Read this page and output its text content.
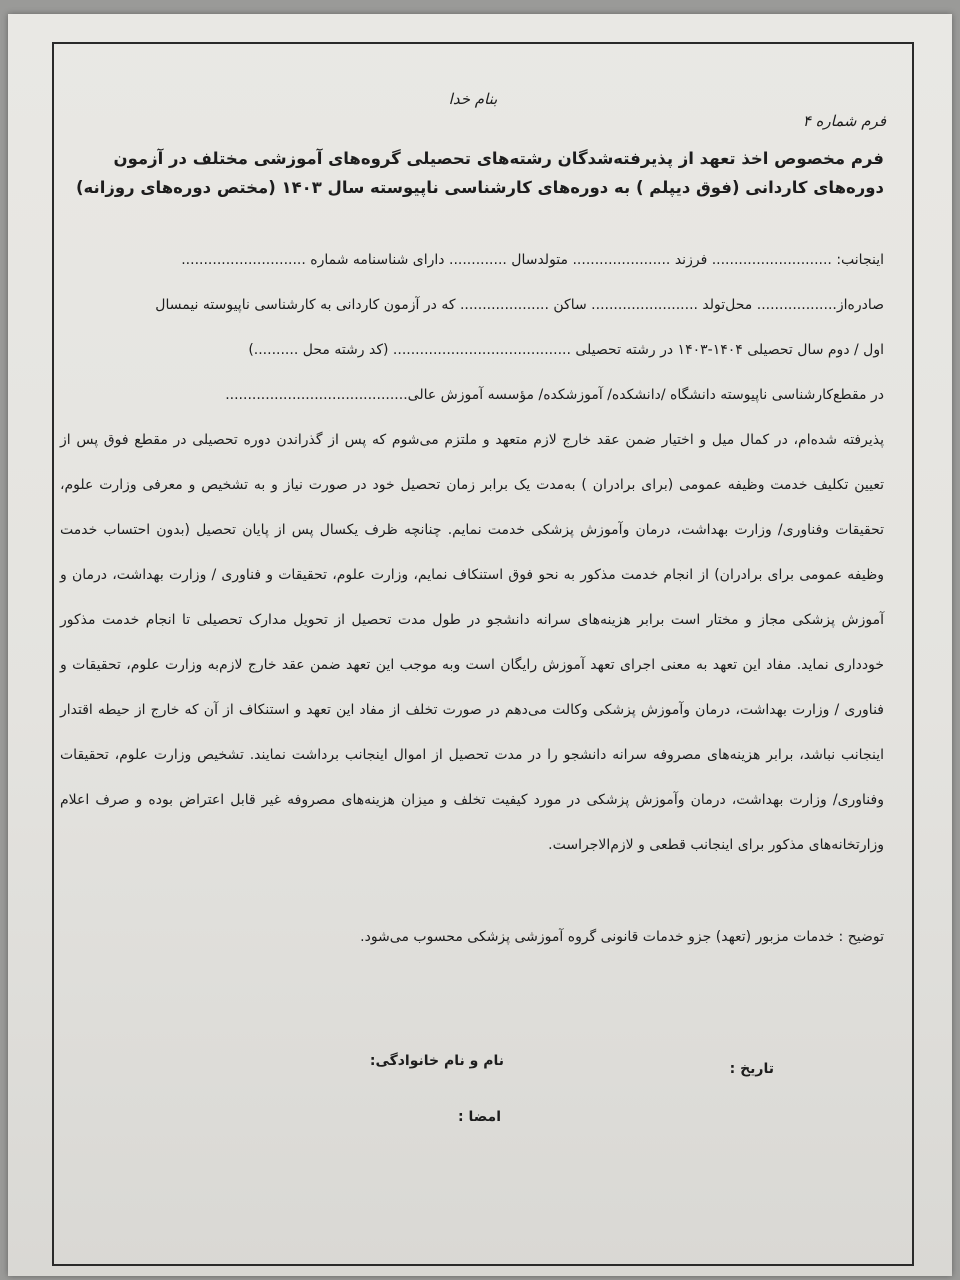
بنام خدا
فرم شماره ۴
فرم مخصوص اخذ تعهد از پذیرفته‌شدگان رشته‌های تحصیلی گروه‌های آموزشی مختلف در آزمون دوره‌های کاردانی (فوق دیپلم ) به دوره‌های کارشناسی ناپیوسته سال ۱۴۰۳ (مختص دوره‌های روزانه)

اینجانب: ........................... فرزند ...................... متولدسال ............. دارای شناسنامه شماره ............................

صادره‌از.................. محل‌تولد ........................ ساکن .................... که در آزمون کاردانی به کارشناسی ناپیوسته نیمسال

اول / دوم سال تحصیلی ۱۴۰۴-۱۴۰۳ در رشته تحصیلی ........................................ (کد رشته محل ..........)

در مقطع‌کارشناسی ناپیوسته دانشگاه /دانشکده/ آموزشکده/ مؤسسه آموزش عالی.........................................

پذیرفته شده‌ام، در کمال میل و اختیار ضمن عقد خارج لازم متعهد و ملتزم می‌شوم که پس از گذراندن دوره تحصیلی در مقطع فوق پس از تعیین تکلیف خدمت وظیفه عمومی (برای برادران ) به‌مدت یک برابر زمان تحصیل خود در صورت نیاز و به تشخیص و معرفی وزارت علوم، تحقیقات وفناوری/ وزارت بهداشت، درمان وآموزش پزشکی خدمت نمایم. چنانچه ظرف یکسال پس از پایان تحصیل (بدون احتساب خدمت وظیفه عمومی برای برادران) از انجام خدمت مذکور به نحو فوق استنکاف نمایم، وزارت علوم، تحقیقات و فناوری / وزارت بهداشت، درمان و آموزش پزشکی مجاز و مختار است برابر هزینه‌های سرانه دانشجو در طول مدت تحصیل از تحویل مدارک تحصیلی تا انجام خدمت مذکور خودداری نماید. مفاد این تعهد به معنی اجرای تعهد آموزش رایگان است وبه موجب این تعهد ضمن عقد خارج لازم‌به وزارت علوم، تحقیقات و فناوری / وزارت بهداشت، درمان وآموزش پزشکی وکالت می‌دهم در صورت تخلف از مفاد این تعهد و استنکاف از آن که خارج از حیطه اقتدار اینجانب نباشد، برابر هزینه‌های مصروفه سرانه دانشجو را در مدت تحصیل از اموال اینجانب برداشت نمایند. تشخیص وزارت علوم، تحقیقات وفناوری/ وزارت بهداشت، درمان وآموزش پزشکی در مورد کیفیت تخلف و میزان هزینه‌های مصروفه غیر قابل اعتراض بوده و صرف اعلام وزارتخانه‌های مذکور برای اینجانب قطعی و لازم‌الاجراست.

توضیح : خدمات مزبور (تعهد) جزو خدمات قانونی گروه آموزشی پزشکی محسوب می‌شود.
نام و نام خانوادگی:	تاریخ :
امضا :
